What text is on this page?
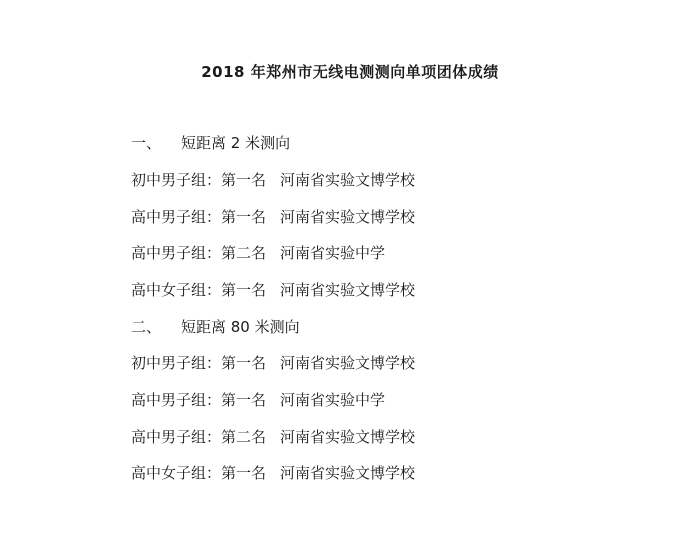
2018 年郑州市无线电测测向单项团体成绩
一、 短距离 2 米测向
初中男子组：第一名 河南省实验文博学校
高中男子组：第一名 河南省实验文博学校
高中男子组：第二名 河南省实验中学
高中女子组：第一名 河南省实验文博学校
二、 短距离 80 米测向
初中男子组：第一名 河南省实验文博学校
高中男子组：第一名 河南省实验中学
高中男子组：第二名 河南省实验文博学校
高中女子组：第一名 河南省实验文博学校
